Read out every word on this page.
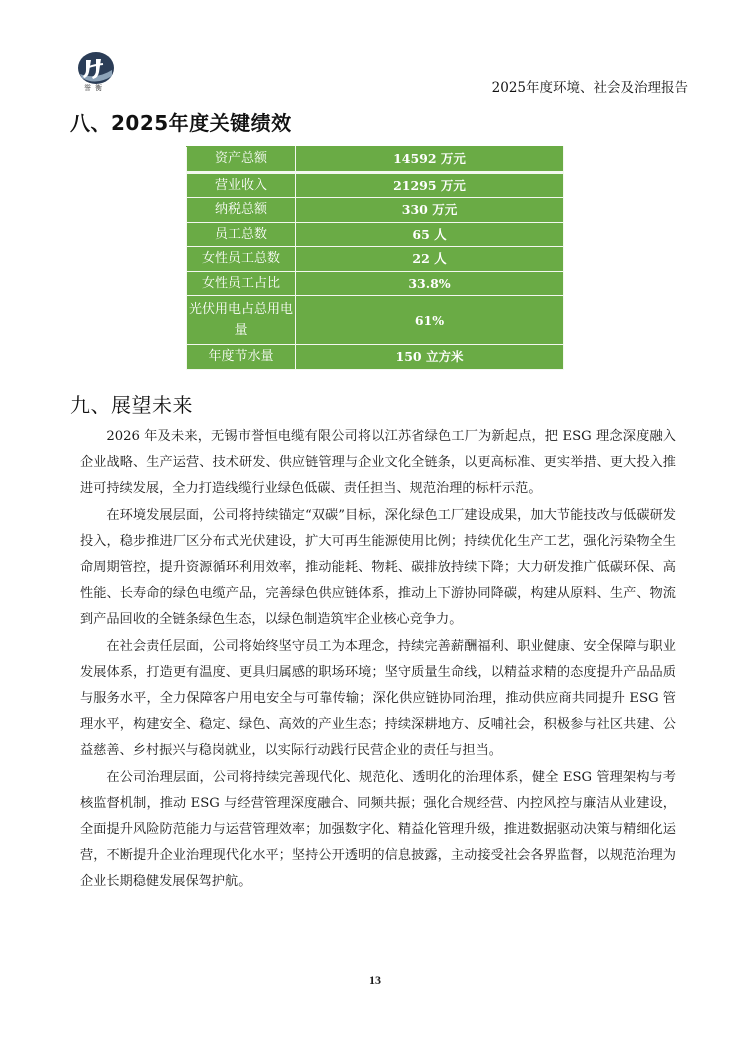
誉衡	2025年度环境、社会及治理报告
八、2025年度关键绩效
资产总额	14592 万元
营业收入	21295 万元
纳税总额	330 万元
员工总数	65 人
女性员工总数	22 人
女性员工占比	33.8%
光伏用电占总用电量	61%
年度节水量	150 立方米
九、展望未来

2026 年及未来，无锡市誉恒电缆有限公司将以江苏省绿色工厂为新起点，把 ESG 理念深度融入企业战略、生产运营、技术研发、供应链管理与企业文化全链条，以更高标准、更实举措、更大投入推进可持续发展，全力打造线缆行业绿色低碳、责任担当、规范治理的标杆示范。

在环境发展层面，公司将持续锚定“双碳”目标，深化绿色工厂建设成果，加大节能技改与低碳研发投入，稳步推进厂区分布式光伏建设，扩大可再生能源使用比例；持续优化生产工艺，强化污染物全生命周期管控，提升资源循环利用效率，推动能耗、物耗、碳排放持续下降；大力研发推广低碳环保、高性能、长寿命的绿色电缆产品，完善绿色供应链体系，推动上下游协同降碳，构建从原料、生产、物流到产品回收的全链条绿色生态，以绿色制造筑牢企业核心竞争力。

在社会责任层面，公司将始终坚守员工为本理念，持续完善薪酬福利、职业健康、安全保障与职业发展体系，打造更有温度、更具归属感的职场环境；坚守质量生命线，以精益求精的态度提升产品品质与服务水平，全力保障客户用电安全与可靠传输；深化供应链协同治理，推动供应商共同提升 ESG 管理水平，构建安全、稳定、绿色、高效的产业生态；持续深耕地方、反哺社会，积极参与社区共建、公益慈善、乡村振兴与稳岗就业，以实际行动践行民营企业的责任与担当。

在公司治理层面，公司将持续完善现代化、规范化、透明化的治理体系，健全 ESG 管理架构与考核监督机制，推动 ESG 与经营管理深度融合、同频共振；强化合规经营、内控风控与廉洁从业建设，全面提升风险防范能力与运营管理效率；加强数字化、精益化管理升级，推进数据驱动决策与精细化运营，不断提升企业治理现代化水平；坚持公开透明的信息披露，主动接受社会各界监督，以规范治理为企业长期稳健发展保驾护航。

13
